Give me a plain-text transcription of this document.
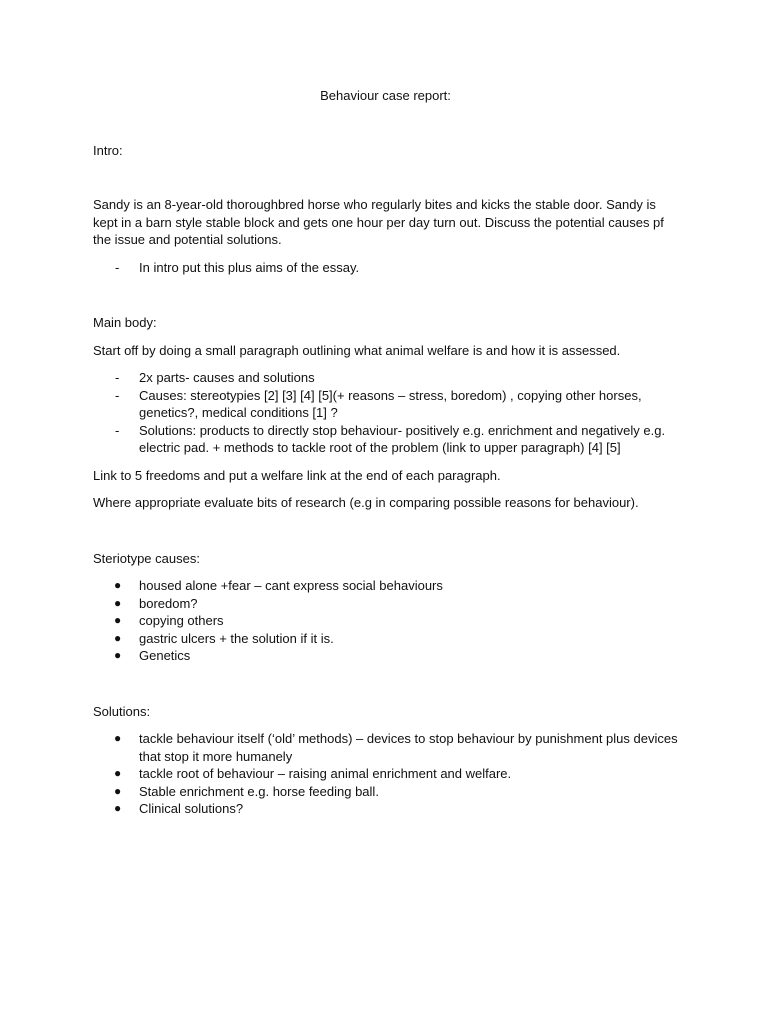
Behaviour case report:

Intro:

Sandy is an 8-year-old thoroughbred horse who regularly bites and kicks the stable door. Sandy is kept in a barn style stable block and gets one hour per day turn out. Discuss the potential causes pf the issue and potential solutions.

- In intro put this plus aims of the essay.

Main body:

Start off by doing a small paragraph outlining what animal welfare is and how it is assessed.

- 2x parts- causes and solutions
- Causes: stereotypies [2] [3] [4] [5](+ reasons – stress, boredom) , copying other horses, genetics?, medical conditions [1] ?
- Solutions: products to directly stop behaviour- positively e.g. enrichment and negatively e.g. electric pad. + methods to tackle root of the problem (link to upper paragraph) [4] [5]

Link to 5 freedoms and put a welfare link at the end of each paragraph.

Where appropriate evaluate bits of research (e.g in comparing possible reasons for behaviour).

Steriotype causes:

● housed alone +fear – cant express social behaviours
● boredom?
● copying others
● gastric ulcers + the solution if it is.
● Genetics

Solutions:

● tackle behaviour itself (‘old’ methods) – devices to stop behaviour by punishment plus devices that stop it more humanely
● tackle root of behaviour – raising animal enrichment and welfare.
● Stable enrichment e.g. horse feeding ball.
● Clinical solutions?
